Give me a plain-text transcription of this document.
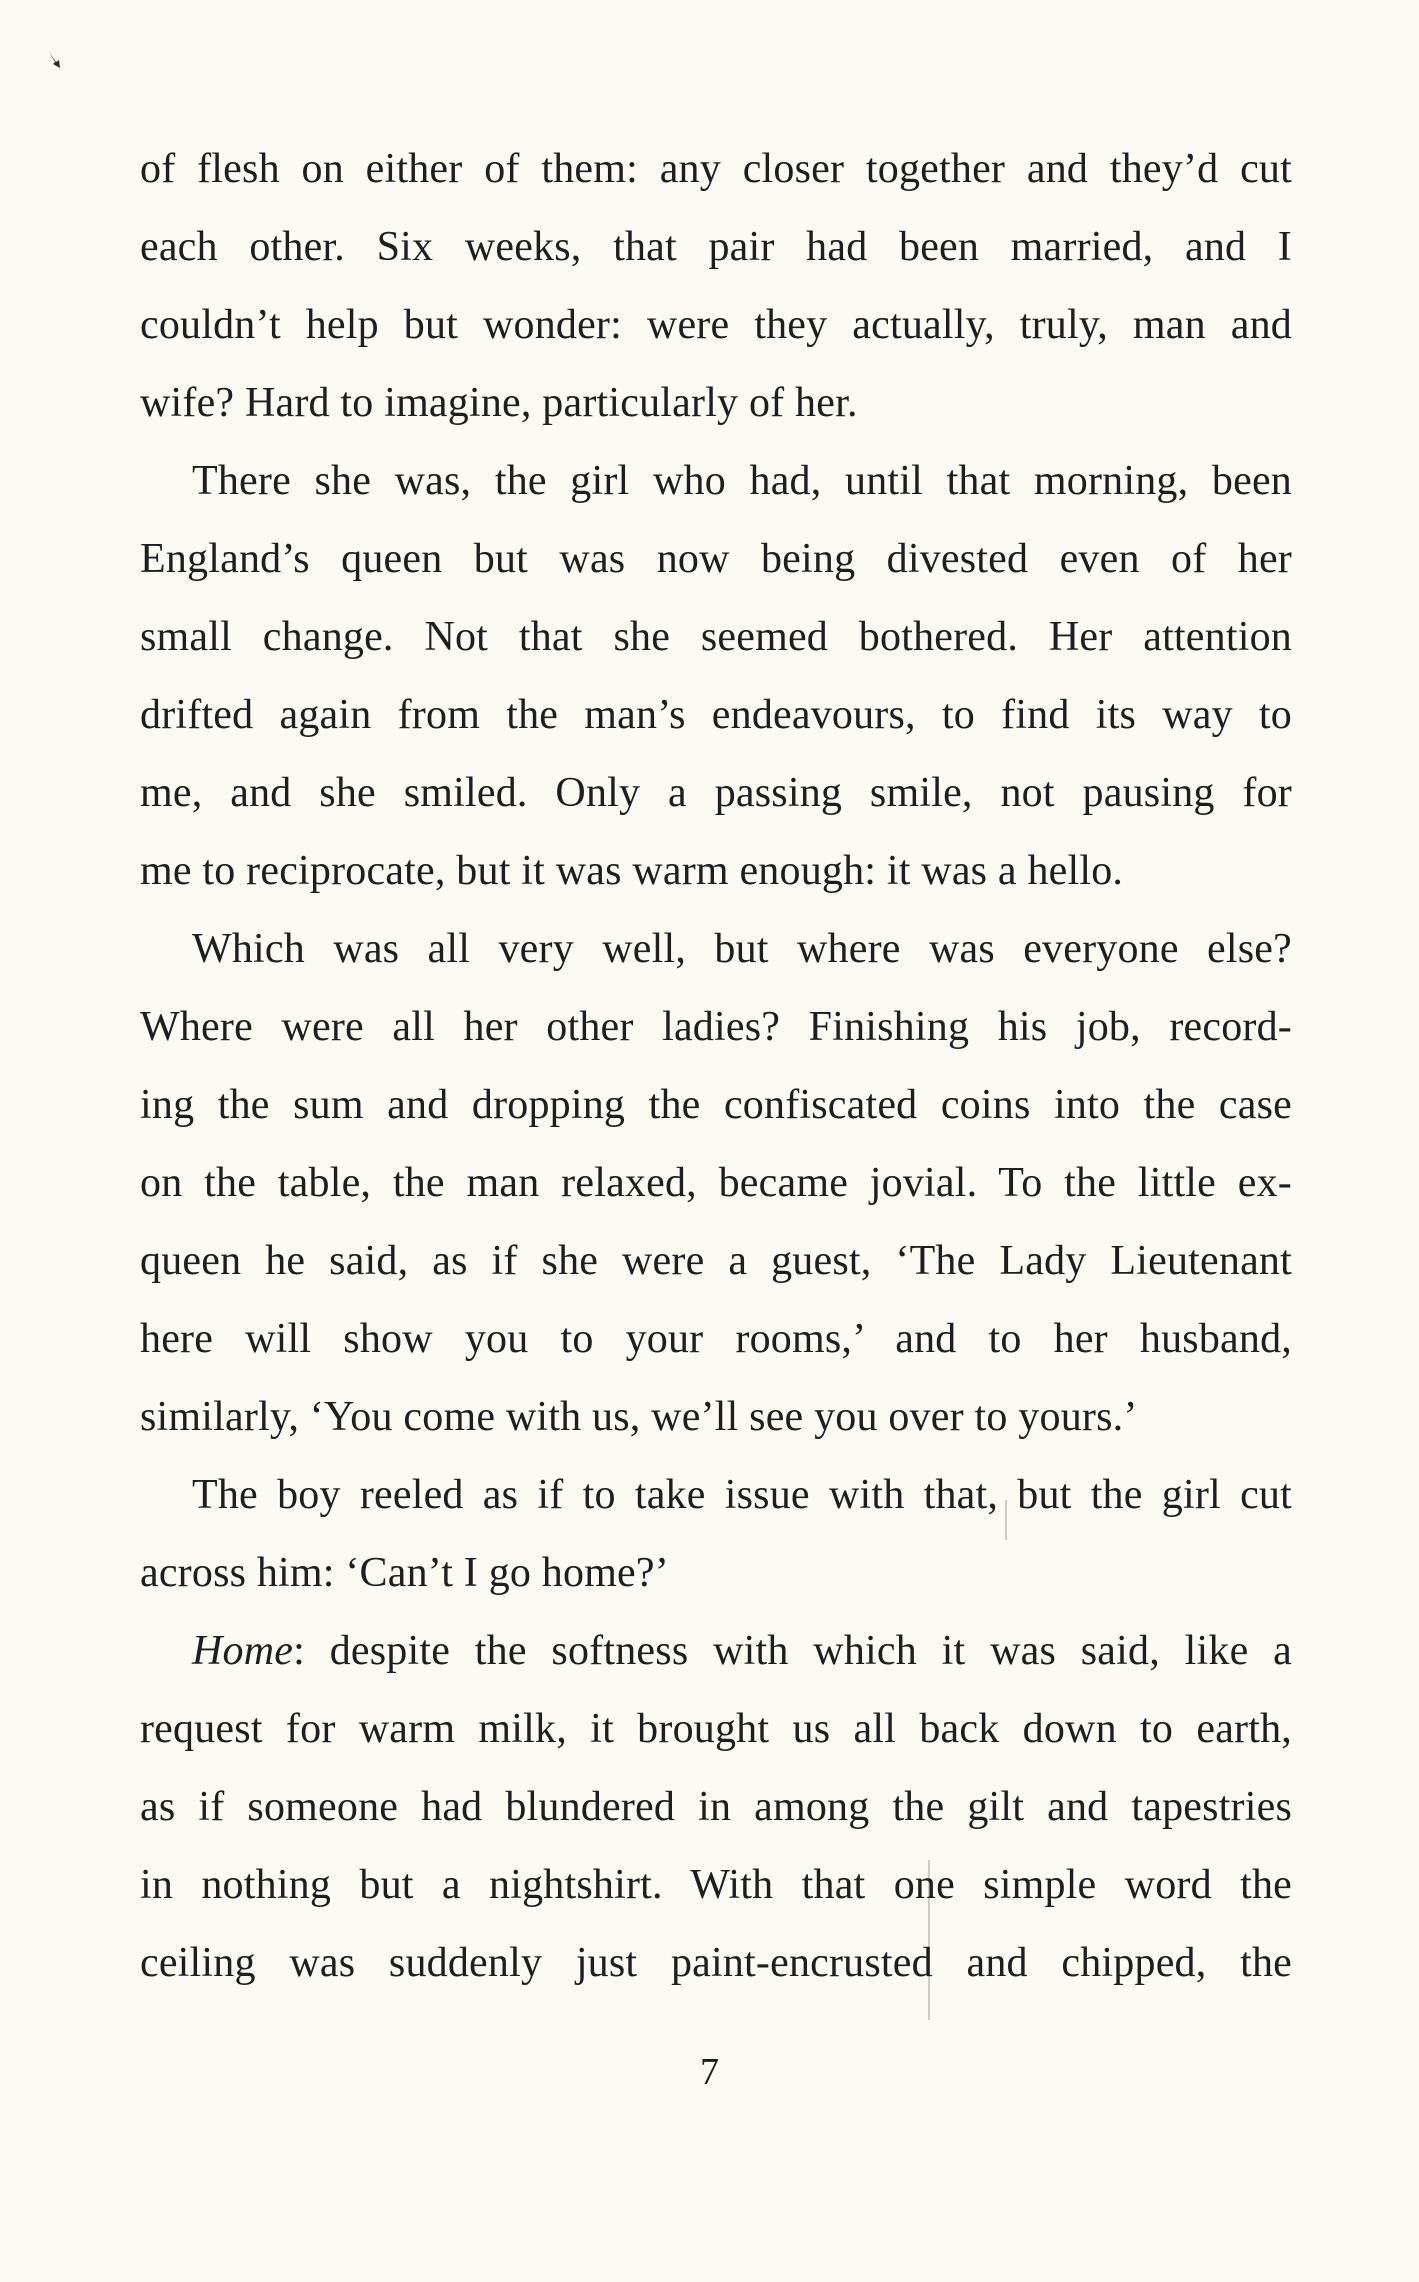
of flesh on either of them: any closer together and they’d cut
each other. Six weeks, that pair had been married, and I
couldn’t help but wonder: were they actually, truly, man and
wife? Hard to imagine, particularly of her.
There she was, the girl who had, until that morning, been
England’s queen but was now being divested even of her
small change. Not that she seemed bothered. Her attention
drifted again from the man’s endeavours, to find its way to
me, and she smiled. Only a passing smile, not pausing for
me to reciprocate, but it was warm enough: it was a hello.
Which was all very well, but where was everyone else?
Where were all her other ladies? Finishing his job, record-
ing the sum and dropping the confiscated coins into the case
on the table, the man relaxed, became jovial. To the little ex-
queen he said, as if she were a guest, ‘The Lady Lieutenant
here will show you to your rooms,’ and to her husband,
similarly, ‘You come with us, we’ll see you over to yours.’
The boy reeled as if to take issue with that, but the girl cut
across him: ‘Can’t I go home?’
Home: despite the softness with which it was said, like a
request for warm milk, it brought us all back down to earth,
as if someone had blundered in among the gilt and tapestries
in nothing but a nightshirt. With that one simple word the
ceiling was suddenly just paint-encrusted and chipped, the
7
